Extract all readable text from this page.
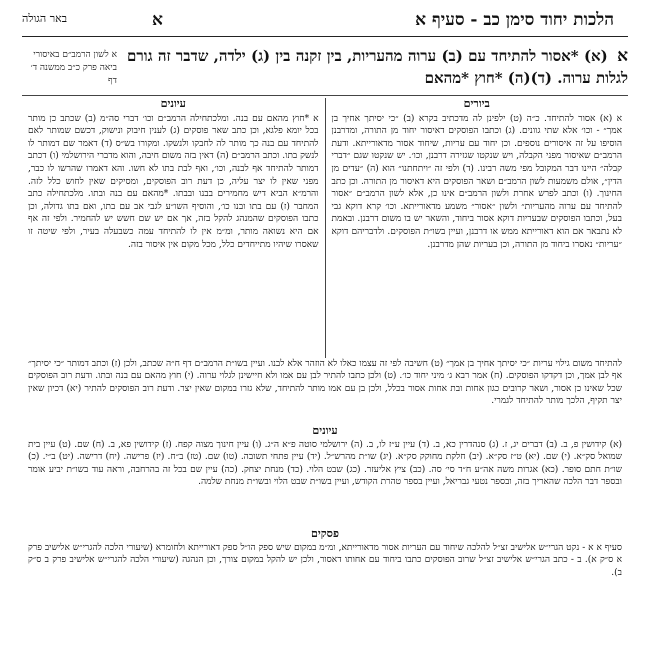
הלכות יחוד סימן כב - סעיף א
א
באר הגולה
א (א) *אסור להתיחד עם (ב) ערוה מהעריות, בין זקנה בין (ג) ילדה, שדבר זה גורם לגלות ערוה. (ד)(ה) *חוץ *מהאם
א לשון הרמב״ם באיסורי ביאה פרק כ״ב ממשנה ד׳ דף
ביורים
א (א) אסור להתיחד. כ״ה (ט) ילפינן לה מדכתיב בקרא (ב) ״כי יסיתך אחיך בן אמך״ - וכו׳ אלא שתי גוונים. (ג) וכתבו הפוסקים דאיסור יחוד מן התורה, ומדרבנן הוסיפו על זה איסורים נוספים. וכן יחוד עם עריות, שיחוד אסור מדאורייתא. ודעת הרמב״ם שאיסור מפני הקבלה, ויש שנקטו שגזירה דרבנן, וכו׳. יש שנקטו שגם ״דברי קבלה״ היינו דבר המקובל מפי משה רבינו. (ד) ולפי זה ״ויתחתנו״ הוא (ה) ״עדים מן הדין״, אולם משמעות לשון הרמב״ם ושאר הפוסקים היא דאיסור מן התורה. וכן כתב החינוך. (ו) וכתב לפרש אחרת ולשון הרמב״ם אינו כן, אלא לשון הרמב״ם ״אסור להתיחד עם ערוה מהעריות״ ולשון ״אסור״ משמע מדאורייתא. וכו׳ קרא דוקא גבי בעל, וכתבו הפוסקים שבעריות דוקא אסור ביחוד, והשאר יש בו משום דרבנן. ובאמת לא נתבאר אם הוא דאורייתא ממש או דרבנן, ועיין בשו״ת הפוסקים. ולדבריהם דוקא ״עריות״ נאסרו ביחוד מן התורה, וכן בעריות שהן מדרבנן.
עיונים
א *חוץ מהאם עם בנה. ומלכתחילה הרמב״ם וכו׳ דברי סה״מ (ב) שכתב כן מותר בכל יומא פלגא, וכן כתב שאר פוסקים (ג) לענין חיבוק ונישוק, דכשם שמותר לאם להתיחד עם בנה כך מותר לה לחבקו ולנשקו. ומקורו בש״ס (ד) דאמר שם דמותר לו לנשק בתו. וכתב הרמב״ם (ה) דאין בזה משום חיבה, והוא מדברי הירושלמי (ו) דכתב דמותר להתיחד אף לבנה, וכו׳, ואף לבת בתו לא חשו. והא דאמרו שהרשו לו כבר, מפני שאין לו יצר עליה, כן דעת רוב הפוסקים, ומסיקים שאין לחוש כלל לזה. והרמ״א הביא דיש מחמירים בבנו ובבתו. *מהאם עם בנה ובתו. מלכתחילה כתב המחבר (ז) עם בתו ובנו כו׳, והוסיף השו״ע לגבי אב עם בתו, ואם בתו גדולה, וכן כתבו הפוסקים שהמנהג להקל בזה, אך אם יש שם חשש יש להחמיר. ולפי זה אף אם היא נשואה מותר, ומ״מ אין לו להתיחד עמה כשבעלה בעיר, ולפי שיטה זו שאסרו שיהיו מתייחדים כלל, מכל מקום אין איסור בזה.
להתיחד משום גילוי עריות ״כי יסיתך אחיך בן אמך״ (ט) חשיבה לפי זה עצמו כאלו לא הוזהר אלא לבנו. ועיין בשו״ת הרמב״ם דף ח״ה שכתב, ולכן (ז) וכתב דמותר ״כי יסיתך״ אף לבן אמך, וכן דקדקו הפוסקים. (ח) אמר רבא ג׳ מיני יחוד כו׳. (ט) ולכן כתבו להתיר לבן עם אמו ולא חיישינן לגלוי ערוה. (י) חוץ מהאם עם בנה ובתו. ודעת רוב הפוסקים שכל שאינו כן אסור, ושאר קרובים כגון אחות ובת אחות אסור בכלל, ולכן בן עם אמו מותר להתיחד, שלא גזרו במקום שאין יצר. ודעת רוב הפוסקים להתיר (יא) דכיון שאין יצר תקיף, הלכך מותר להתיחד לגמרי.
עיונים
(א) קידושין פ, ב. (ב) דברים יג, ז. (ג) סנהדרין כא, ב. (ד) עיין ע״ז לו, ב. (ה) ירושלמי סוטה פ״א ה״ג. (ו) עיין חינוך מצוה קפח. (ז) קידושין פא, ב. (ח) שם. (ט) עיין בית שמואל סק״א. (י) שם. (יא) ט״ז סק״א. (יב) חלקת מחוקק סק״א. (יג) שו״ת מהרש״ל. (יד) עיין פתחי תשובה. (טו) שם. (טז) ב״ח. (יז) פרישה. (יח) דרישה. (יט) ב״י. (כ) שו״ת חתם סופר. (כא) אגרות משה אה״ע ח״ד סי׳ סה. (כב) ציץ אליעזר. (כג) שבט הלוי. (כד) מנחת יצחק. (כה) עיין שם בכל זה בהרחבה, וראה עוד בשו״ת יביע אומר ובספר דבר הלכה שהאריך בזה, ובספר נטעי גבריאל, ועיין בספר טהרת הקודש, ועיין בשו״ת שבט הלוי ובשו״ת מנחת שלמה.
פסקים
סעיף א א - נקט הגרי״ש אלישיב זצ״ל להלכה שיחוד עם העריות אסור מדאורייתא, ומ״מ במקום שיש ספק הו״ל ספק דאורייתא ולחומרא (שיעורי הלכה להגרי״ש אלישיב פרק א ס״ק א). ב - כתב הגרי״ש אלישיב זצ״ל שרוב הפוסקים כתבו ביחוד עם אחותו דאסור, ולכן יש להקל במקום צורך, וכן הנהגה (שיעורי הלכה להגרי״ש אלישיב פרק ב ס״ק ב).
